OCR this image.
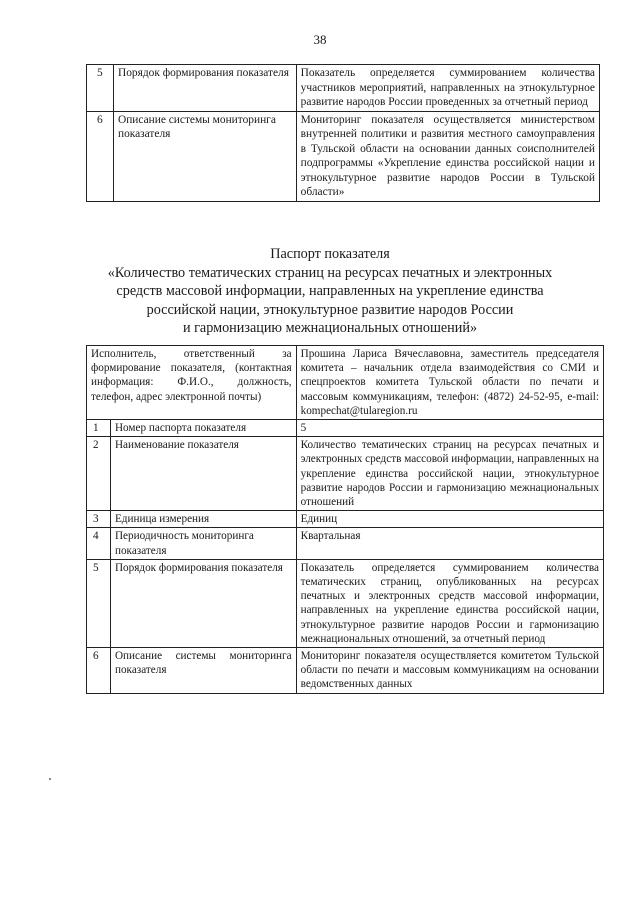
38
5	Порядок формирования показателя	Показатель определяется суммированием количества участников мероприятий, направленных на этнокультурное развитие народов России проведенных за отчетный период
6	Описание системы мониторинга показателя	Мониторинг показателя осуществляется министерством внутренней политики и развития местного самоуправления в Тульской области на основании данных соисполнителей подпрограммы «Укрепление единства российской нации и этнокультурное развитие народов России в Тульской области»
Паспорт показателя
«Количество тематических страниц на ресурсах печатных и электронных
средств массовой информации, направленных на укрепление единства
российской нации, этнокультурное развитие народов России
и гармонизацию межнациональных отношений»
Исполнитель, ответственный за формирование показателя, (контактная информация: Ф.И.О., должность, телефон, адрес электронной почты)		Прошина Лариса Вячеславовна, заместитель председателя комитета – начальник отдела взаимодействия со СМИ и спецпроектов комитета Тульской области по печати и массовым коммуникациям, телефон: (4872) 24-52-95, e-mail: kompechat@tularegion.ru
1	Номер паспорта показателя	5
2	Наименование показателя	Количество тематических страниц на ресурсах печатных и электронных средств массовой информации, направленных на укрепление единства российской нации, этнокультурное развитие народов России и гармонизацию межнациональных отношений
3	Единица измерения	Единиц
4	Периодичность мониторинга показателя	Квартальная
5	Порядок формирования показателя	Показатель определяется суммированием количества тематических страниц, опубликованных на ресурсах печатных и электронных средств массовой информации, направленных на укрепление единства российской нации, этнокультурное развитие народов России и гармонизацию межнациональных отношений, за отчетный период
6	Описание системы мониторинга показателя	Мониторинг показателя осуществляется комитетом Тульской области по печати и массовым коммуникациям на основании ведомственных данных
